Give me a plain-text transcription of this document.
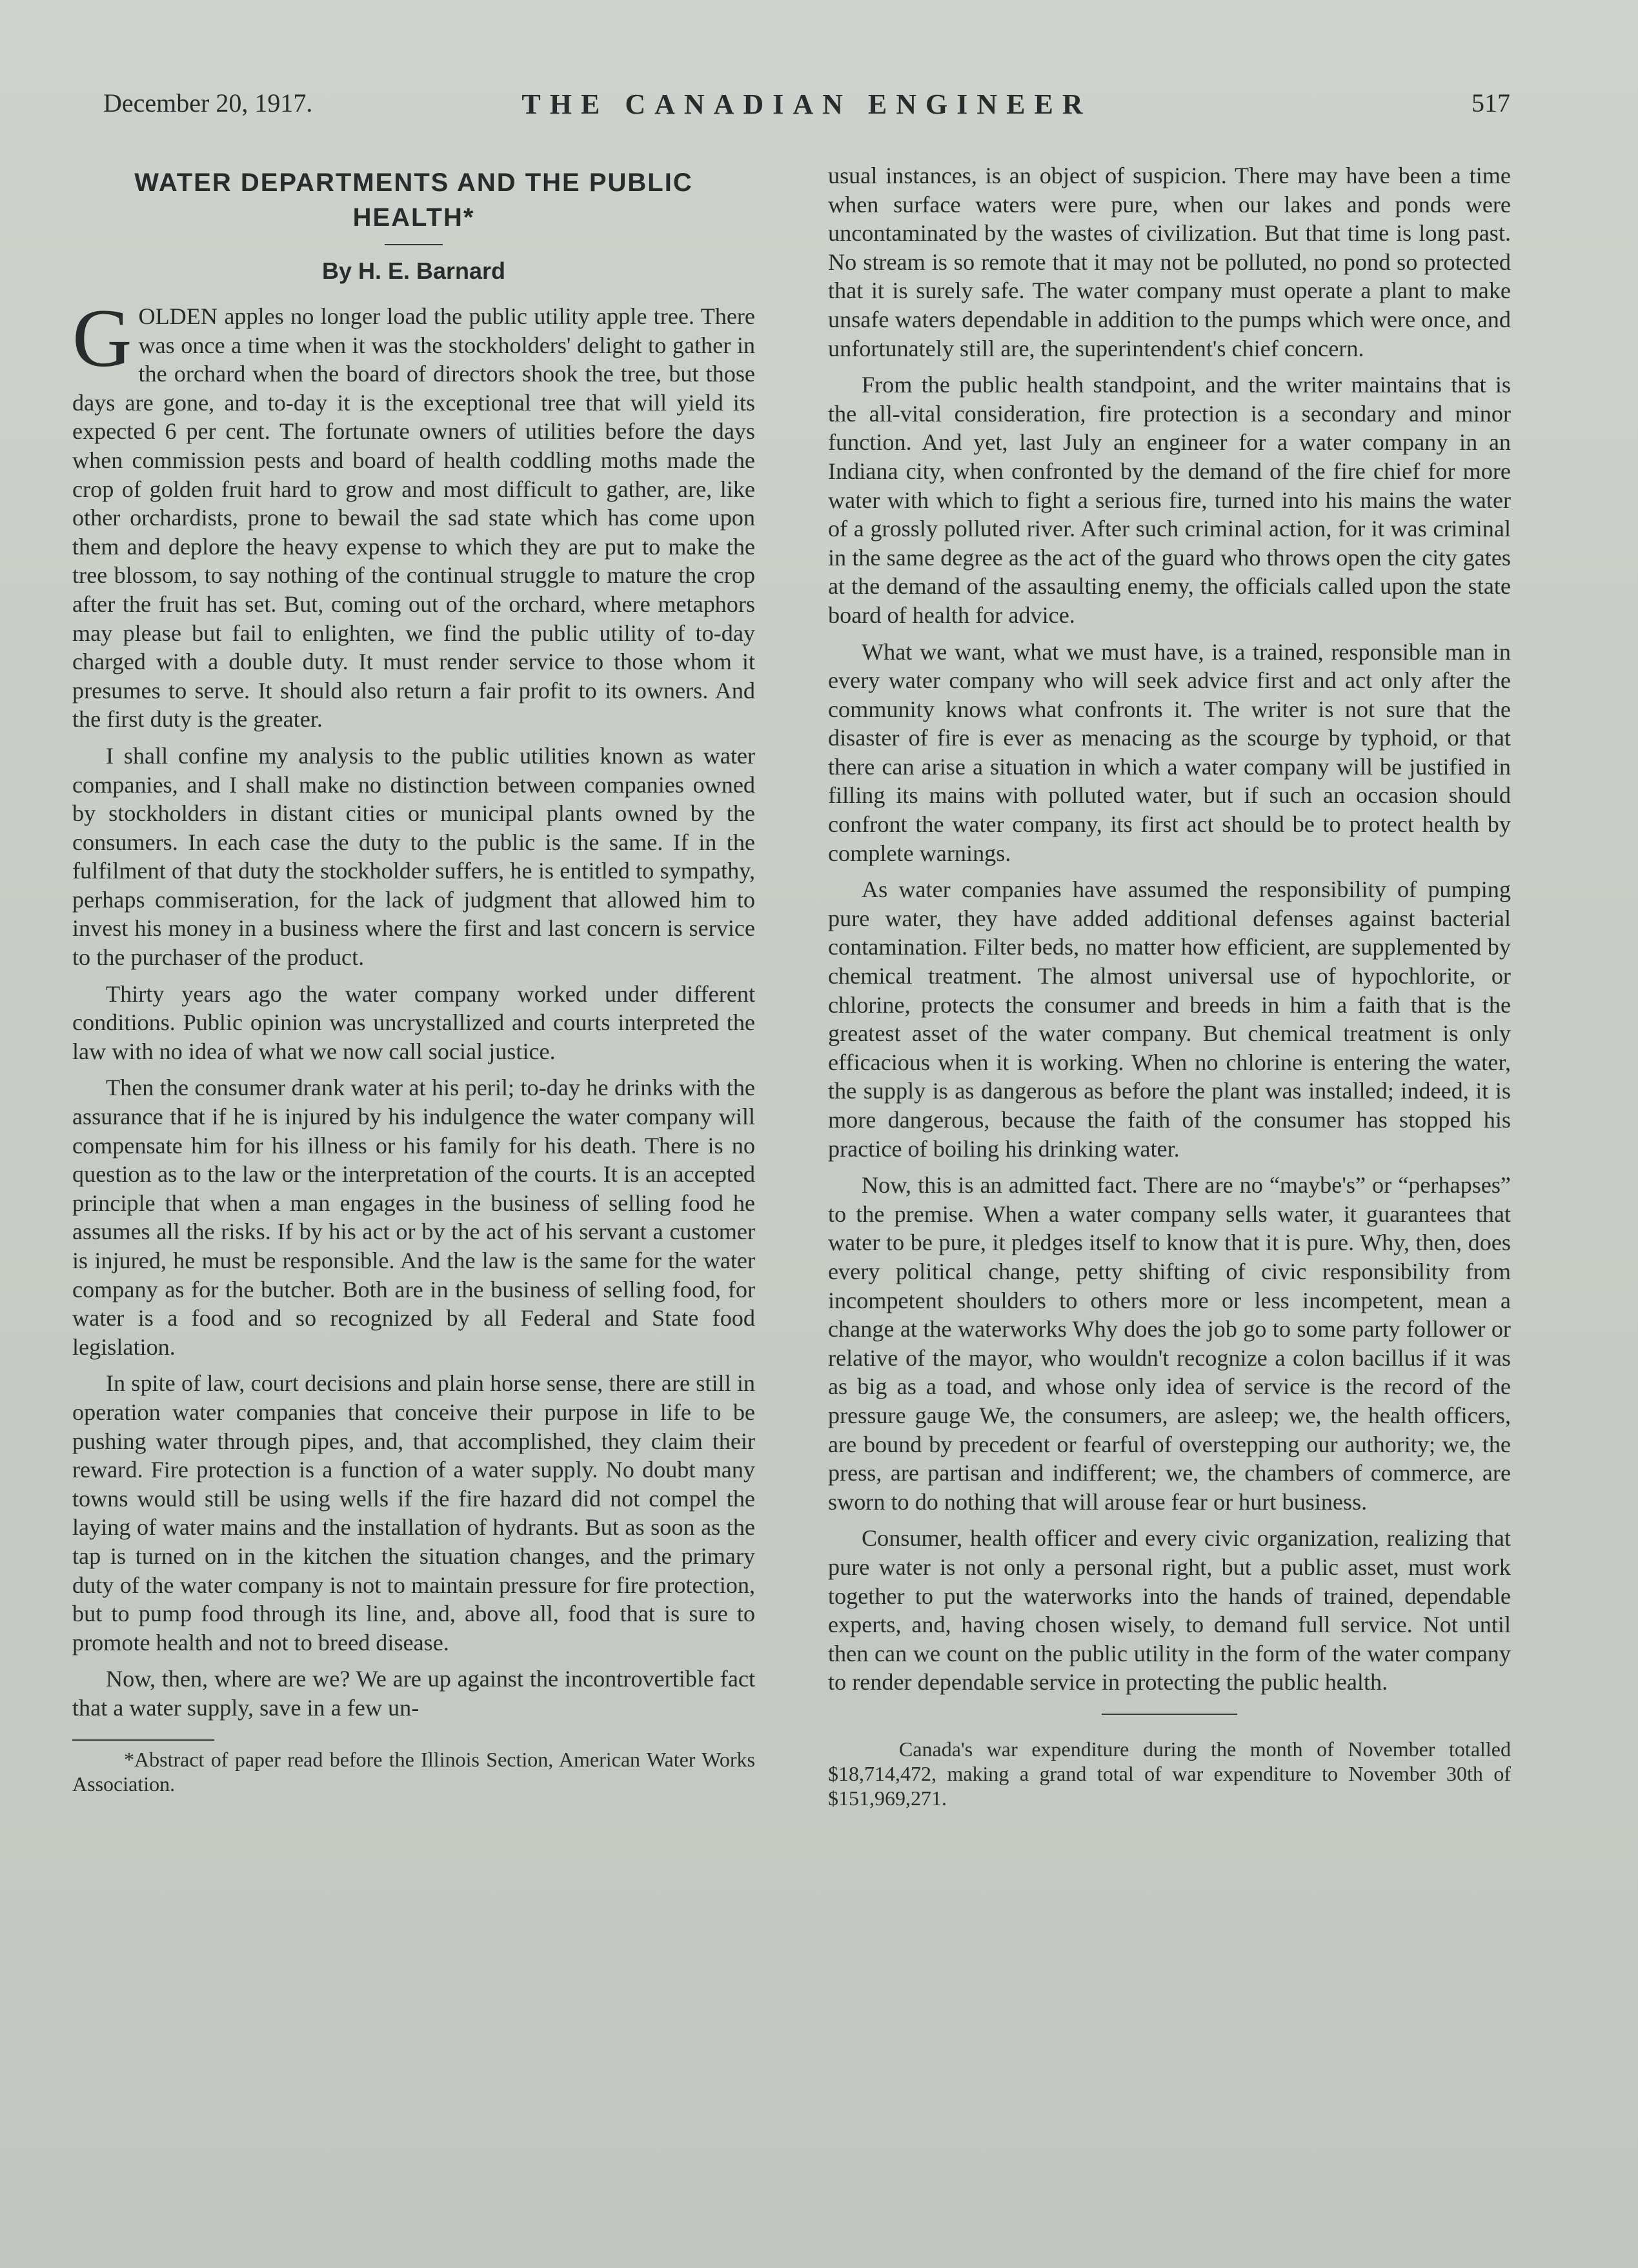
December 20, 1917.	THE CANADIAN ENGINEER	517
WATER DEPARTMENTS AND THE PUBLIC HEALTH*
By H. E. Barnard

GOLDEN apples no longer load the public utility apple tree. There was once a time when it was the stockholders' delight to gather in the orchard when the board of directors shook the tree, but those days are gone, and to-day it is the exceptional tree that will yield its expected 6 per cent. The fortunate owners of utilities before the days when commission pests and board of health coddling moths made the crop of golden fruit hard to grow and most difficult to gather, are, like other orchardists, prone to bewail the sad state which has come upon them and deplore the heavy expense to which they are put to make the tree blossom, to say nothing of the continual struggle to mature the crop after the fruit has set. But, coming out of the orchard, where metaphors may please but fail to enlighten, we find the public utility of to-day charged with a double duty. It must render service to those whom it presumes to serve. It should also return a fair profit to its owners. And the first duty is the greater.

I shall confine my analysis to the public utilities known as water companies, and I shall make no distinction between companies owned by stockholders in distant cities or municipal plants owned by the consumers. In each case the duty to the public is the same. If in the fulfilment of that duty the stockholder suffers, he is entitled to sympathy, perhaps commiseration, for the lack of judgment that allowed him to invest his money in a business where the first and last concern is service to the purchaser of the product.

Thirty years ago the water company worked under different conditions. Public opinion was uncrystallized and courts interpreted the law with no idea of what we now call social justice.

Then the consumer drank water at his peril; to-day he drinks with the assurance that if he is injured by his indulgence the water company will compensate him for his illness or his family for his death. There is no question as to the law or the interpretation of the courts. It is an accepted principle that when a man engages in the business of selling food he assumes all the risks. If by his act or by the act of his servant a customer is injured, he must be responsible. And the law is the same for the water company as for the butcher. Both are in the business of selling food, for water is a food and so recognized by all Federal and State food legislation.

In spite of law, court decisions and plain horse sense, there are still in operation water companies that conceive their purpose in life to be pushing water through pipes, and, that accomplished, they claim their reward. Fire protection is a function of a water supply. No doubt many towns would still be using wells if the fire hazard did not compel the laying of water mains and the installation of hydrants. But as soon as the tap is turned on in the kitchen the situation changes, and the primary duty of the water company is not to maintain pressure for fire protection, but to pump food through its line, and, above all, food that is sure to promote health and not to breed disease.

Now, then, where are we? We are up against the incontrovertible fact that a water supply, save in a few un-

*Abstract of paper read before the Illinois Section, American Water Works Association.

usual instances, is an object of suspicion. There may have been a time when surface waters were pure, when our lakes and ponds were uncontaminated by the wastes of civilization. But that time is long past. No stream is so remote that it may not be polluted, no pond so protected that it is surely safe. The water company must operate a plant to make unsafe waters dependable in addition to the pumps which were once, and unfortunately still are, the superintendent's chief concern.

From the public health standpoint, and the writer maintains that is the all-vital consideration, fire protection is a secondary and minor function. And yet, last July an engineer for a water company in an Indiana city, when confronted by the demand of the fire chief for more water with which to fight a serious fire, turned into his mains the water of a grossly polluted river. After such criminal action, for it was criminal in the same degree as the act of the guard who throws open the city gates at the demand of the assaulting enemy, the officials called upon the state board of health for advice.

What we want, what we must have, is a trained, responsible man in every water company who will seek advice first and act only after the community knows what confronts it. The writer is not sure that the disaster of fire is ever as menacing as the scourge by typhoid, or that there can arise a situation in which a water company will be justified in filling its mains with polluted water, but if such an occasion should confront the water company, its first act should be to protect health by complete warnings.

As water companies have assumed the responsibility of pumping pure water, they have added additional defenses against bacterial contamination. Filter beds, no matter how efficient, are supplemented by chemical treatment. The almost universal use of hypochlorite, or chlorine, protects the consumer and breeds in him a faith that is the greatest asset of the water company. But chemical treatment is only efficacious when it is working. When no chlorine is entering the water, the supply is as dangerous as before the plant was installed; indeed, it is more dangerous, because the faith of the consumer has stopped his practice of boiling his drinking water.

Now, this is an admitted fact. There are no “maybe's” or “perhapses” to the premise. When a water company sells water, it guarantees that water to be pure, it pledges itself to know that it is pure. Why, then, does every political change, petty shifting of civic responsibility from incompetent shoulders to others more or less incompetent, mean a change at the waterworks Why does the job go to some party follower or relative of the mayor, who wouldn't recognize a colon bacillus if it was as big as a toad, and whose only idea of service is the record of the pressure gauge We, the consumers, are asleep; we, the health officers, are bound by precedent or fearful of overstepping our authority; we, the press, are partisan and indifferent; we, the chambers of commerce, are sworn to do nothing that will arouse fear or hurt business.

Consumer, health officer and every civic organization, realizing that pure water is not only a personal right, but a public asset, must work together to put the waterworks into the hands of trained, dependable experts, and, having chosen wisely, to demand full service. Not until then can we count on the public utility in the form of the water company to render dependable service in protecting the public health.

Canada's war expenditure during the month of November totalled $18,714,472, making a grand total of war expenditure to November 30th of $151,969,271.
